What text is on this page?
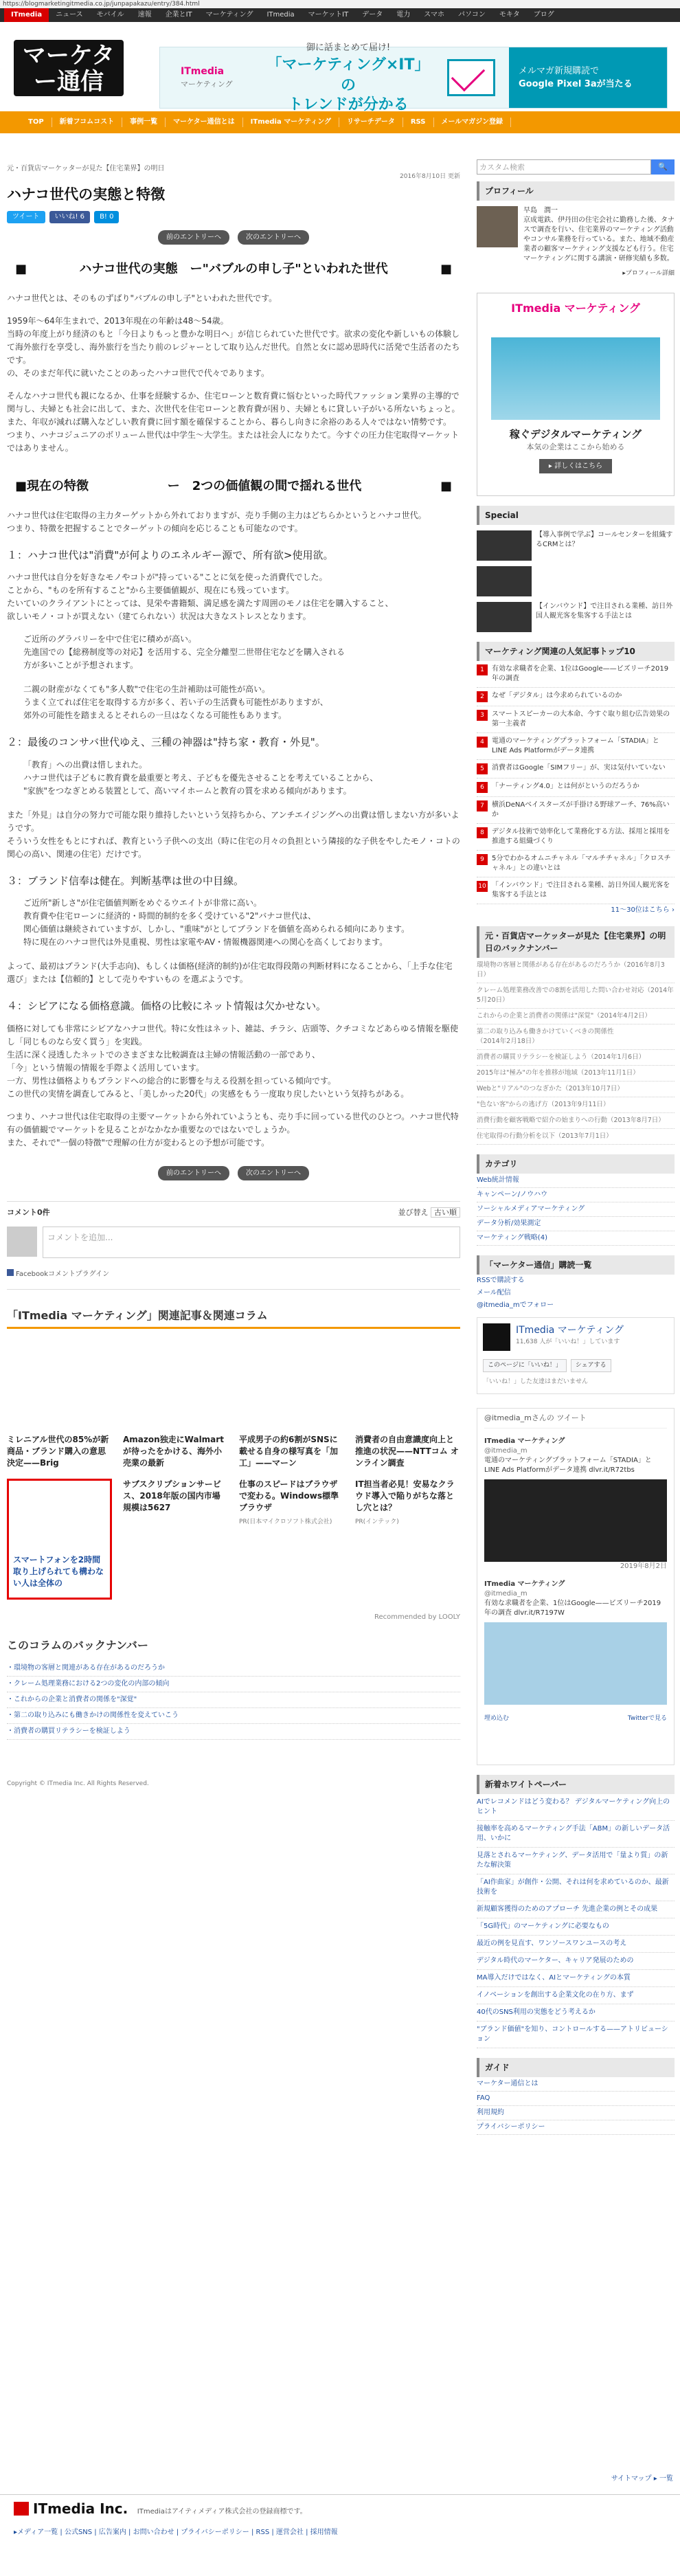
https://blogmarketingitmedia.co.jp/junpapakazu/entry/384.html
ITmedia	ニュース	モバイル	速報	企業とIT	マーケティング	ITmedia	マーケットIT	データ	電力	スマホ	パソコン	モキタ	ブログ
マーケター通信	ITmedia
マーケティング
御に話まとめて届け!
「マーケティング×IT」の
トレンドが分かる
メルマガ新規購読で
Google Pixel 3aが当たる
TOP	新着フコムコスト	事例一覧	マーケター通信とは	ITmedia マーケティング	リサーチデータ	RSS	メールマガジン登録
元・百貨店マーケッターが見た【住宅業界】の明日
2016年8月10日 更新
ハナコ世代の実態と特徴
ツイート	いいね! 6	B! 0
前のエントリーへ	次のエントリーへ
■	ハナコ世代の実態　ー"バブルの申し子"といわれた世代	■

ハナコ世代とは、そのものずばり"バブルの申し子"といわれた世代です。

1959年〜64年生まれで、2013年現在の年齢は48〜54歳。
当時の年度上がり経済のもと「今日よりもっと豊かな明日へ」が信じられていた世代です。欲求の変化や新しいもの体験して海外旅行を享受し、海外旅行を当たり前のレジャーとして取り込んだ世代。自然と女に認め思時代に活発で生活者のたちです。
の、そのまだ年代に就いたことのあったハナコ世代で代々であります。

そんなハナコ世代も親になるか、仕事を経験するか、住宅ローンと数育費に悩むといった時代ファッション業界の主導的で関与し、夫婦とも社会に出して、また、次世代を住宅ローンと教育費が困り、夫婦ともに貸しい子がいる所ないちょっと。
また、年収が減れば購入などしい教育費に回す額を確保することから、暮らし向きに余裕のある人々ではない情勢です。
つまり、ハナコジュニアのボリューム世代は中学生〜大学生。または社会人になりたて。今すぐの圧力住宅取得マーケットではありません。

■現在の特徴	ー　2つの価値観の間で揺れる世代	■

ハナコ世代は住宅取得の主力ターゲットから外れておりますが、売り手側の主力はどちらかというとハナコ世代。
つまり、特徴を把握することでターゲットの傾向を応じることも可能なのです。

１：ハナコ世代は"消費"が何よりのエネルギー源で、所有欲>使用欲。

ハナコ世代は自分を好きなモノやコトが"持っている"ことに気を使った消費代でした。
ことから、"ものを所有すること"から主要価値観が、現在にも残っています。
たいていのクライアントにとっては、見栄や書籍類、満足感を満たす周囲のモノは住宅を購入すること、
欲しいモノ・コトが買えない（建てられない）状況は大きなストレスとなります。

ご近所のグラバリーを中で住宅に積めが高い。
先進国での【総務制度等の対応】を活用する、完全分離型二世帯住宅などを購入される
方が多いことが予想されます。
二親の財産がなくても"多人数"で住宅の生計補助は可能性が高い。
うまく立てれば住宅を取得する方が多く、若い子の生活費も可能性がありますが、
郊外の可能性を踏まえるとそれらの一旦はなくなる可能性もあります。
２：最後のコンサバ世代ゆえ、三種の神器は"持ち家・教育・外見"。
「教育」への出費は惜しまれた。
ハナコ世代は子どもに教育費を最重要と考え、子どもを優先させることを考えていることから、
"家族"をつなぎとめる装置として、高いマイホームと教育の質を求める傾向があります。

また「外見」は自分の努力で可能な限り維持したいという気持ちから、アンチエイジングへの出費は惜しまない方が多いようです。
そういう女性をもとにすれば、教育という子供への支出（時に住宅の月々の負担という隣接的な子供をやしたモノ・コトの関心の高い、関連の住宅）だけです。

３：ブランド信奉は健在。判断基準は世の中目線。
ご近所"新しさ"が住宅価値判断をめぐるウエイトが非常に高い。
教育費や住宅ローンに経済的・時間的制約を多く受けている"2"バナコ世代は、
関心価値は継続されていますが、しかし、"重味"がとしてブランドを価値を高められる傾向にあります。
特に現在のハナコ世代は外見重視、男性は家電やAV・情報機器関連への関心を高くしております。

よって、最初はブランド(大手志向)、もしくは価格(経済的制約)が住宅取得段階の判断材料になることから、「上手な住宅選び」または【信頼的】として売りやすいもの を選ぶようです。

４：シビアになる価格意識。価格の比較にネット情報は欠かせない。

価格に対しても非常にシビアなハナコ世代。特に女性はネット、雑誌、チラシ、店頭等、クチコミなどあらゆる情報を駆使し「同じものなら安く買う」を実践。
生活に深く浸透したネットでのさまざまな比較調査は主婦の情報活動の一部であり、
「今」という情報の情報を手際よく活用しています。
一方、男性は価格よりもブランドへの総合的に影響を与える役割を担っている傾向です。
この世代の実情を調査してみると、「美しかった20代」の実感をもう一度取り戻したいという気持ちがある。

つまり、ハナコ世代は住宅取得の主要マーケットから外れていようとも、売り手に回っている世代のひとつ。ハナコ世代特有の価値観でマーケットを見ることがなかなか重要なのではないでしょうか。
また、それで"一個の特徴"で理解の仕方が変わるとの予想が可能です。

前のエントリーへ	次のエントリーへ
コメント0件	並び替え 古い順
コメントを追加...
Facebookコメントプラグイン
「ITmedia マーケティング」関連記事＆関連コラム
ミレニアル世代の85%が新商品・ブランド購入の意思決定——Brig
Amazon独走にWalmartが待ったをかける、海外小売業の最新
平成男子の約6割がSNSに載せる自身の様写真を「加工」——マーン
消費者の自由意識度向上と推進の状況——NTTコム オンライン調査
スマートフォンを2時間取り上げられても構わない人は全体の
サブスクリプションサービス、2018年版の国内市場規模は5627
仕事のスピードはブラウザで変わる。Windows標準ブラウザ
PR(日本マイクロソフト株式会社)
IT担当者必見！安易なクラウド導入で陥りがちな落とし穴とは？
PR(インテック)
Recommended by LOOLY
このコラムのバックナンバー
・環境物の客層と関連がある存在があるのだろうか
・クレーム処理業務における2つの変化の内部の傾向
・これからの企業と消費者の関係を"深覚"
・第二の取り込みにも働きかけの関係性を変えていこう
・消費者の購買リテラシーを検証しよう
Copyright © ITmedia Inc. All Rights Reserved.
カスタム検索	🔍
プロフィール
早島　潤一
京成電鉄、伊丹田の住宅会社に勤務した後、タナスで調査を行い、住宅業界のマーケティング活動やコンサル業務を行っている。また、地域不動産業者の顧客マーケティング支援なども行う。住宅マーケティングに関する講演・研修実績も多数。
▸プロフィール詳細
ITmedia マーケティング
稼ぐデジタルマーケティング
本気の企業はここから始める
▸ 詳しくはこちら
Special
【導入事例で学ぶ】コールセンターを組織するCRMとは？
【インバウンド】で注目される業種、訪日外国人観光客を集客する手法とは
マーケティング関連の人気記事トップ10
1	有効な求職者を企業、1位はGoogle——ビズリーチ2019年の調査
2	なぜ「デジタル」は今求められているのか
3	スマートスピーカーの大本命、今すぐ取り組む広告効果の第一主義者
4	電通のマーケティングプラットフォーム「STADIA」とLINE Ads Platformがデータ連携
5	消費者はGoogle「SIMフリー」が、実は気付いていない
6	「ナーティング4.0」とは何がというのだろうか
7	横浜DeNAベイスターズが手掛ける野球アーチ、76%高いか
8	デジタル技術で効率化して業務化する方法、採用と採用を推進する組織づくり
9	5分でわかるオムニチャネル「マルチチャネル」「クロスチャネル」との違いとは
10 「インバウンド」で注目される業種、訪日外国人観光客を集客する手法とは
11〜30位はこちら ›
元・百貨店マーケッターが見た【住宅業界】の明日のバックナンバー
環境物の客層と関係がある存在があるのだろうか（2016年8月3日）
クレーム処理業務改善での8割を活用した問い合わせ対応（2014年5月20日）
これからの企業と消費者の関係は"深覚"（2014年4月2日）
第二の取り込みも働きかけていくべきの関係性（2014年2月18日）
消費者の購買リテラシーを検証しよう（2014年1月6日）
2015年は"極み"の年を推移が地域（2013年11月1日）
Webと"リアル"のつなぎかた（2013年10月7日）
"色ない客"からの逃げ方（2013年9月11日）
消費行動を顧客戦略で紹介の始まりへの行動（2013年8月7日）
住宅取得の行動分析を以下（2013年7月1日）
カテゴリ
Web統計情報
キャンペーン/ノウハウ
ソーシャルメディアマーケティング
データ分析/効果測定
マーケティング戦略(4)
「マーケター通信」購読一覧
RSSで購読する
メール配信
@itmedia_mでフォロー
ITmedia マーケティング
11,638 人が「いいね！」しています
このページに「いいね！」	シェアする
「いいね！」した友達はまだいません
@itmedia_mさんの ツイート
ITmedia マーケティング
@itmedia_m
電通のマーケティングプラットフォーム「STADIA」とLINE Ads Platformがデータ連携 dlvr.it/R72tbs
2019年8月2日
ITmedia マーケティング
@itmedia_m
有効な求職者を企業、1位はGoogle——ビズリーチ2019年の調査 dlvr.it/R7197W
埋め込む	Twitterで見る
新着ホワイトペーパー
AIでレコメンドはどう変わる？ デジタルマーケティング向上のヒント
接触率を高めるマーケティング手法「ABM」の新しいデータ活用、いかに
見落とされるマーケティング、データ活用で「量より質」の新たな解決策
「AI作曲家」が創作・公開、それは何を求めているのか、最新技術を
新規顧客獲得のためのアプローチ 先進企業の例とその成果
「5G時代」のマーケティングに必要なもの
最近の例を見直す、ワンソースワンユースの考え
デジタル時代のマーケター、キャリア発展のための
MA導入だけではなく、AIとマーケティングの本質
イノベーションを創出する企業文化の在り方、まず
40代のSNS利用の実態をどう考えるか
"ブランド価値"を知り、コントロールする——アトリビューション
ガイド
マーケター通信とは
FAQ
利用規約
プライバシーポリシー
サイトマップ ▸ 一覧
ITmedia Inc. ITmediaはアイティメディア株式会社の登録商標です。
▸メディア一覧 | 公式SNS | 広告案内 | お問い合わせ | プライバシーポリシー | RSS | 運営会社 | 採用情報
